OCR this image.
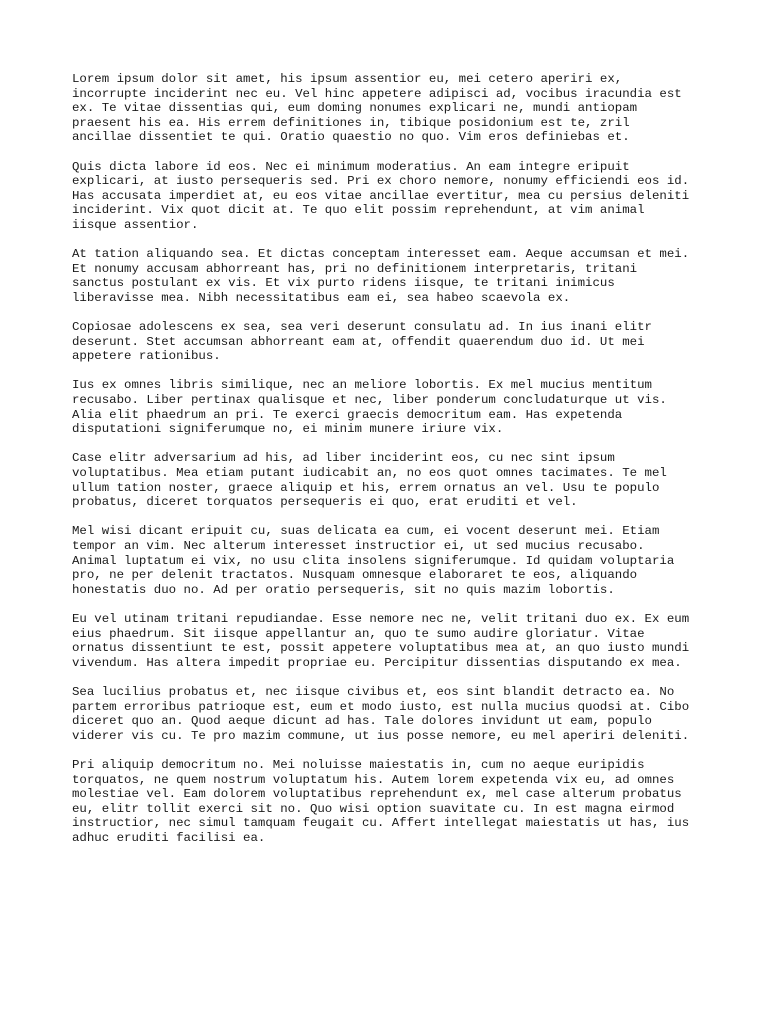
Lorem ipsum dolor sit amet, his ipsum assentior eu, mei cetero aperiri ex,
incorrupte inciderint nec eu. Vel hinc appetere adipisci ad, vocibus iracundia est
ex. Te vitae dissentias qui, eum doming nonumes explicari ne, mundi antiopam
praesent his ea. His errem definitiones in, tibique posidonium est te, zril
ancillae dissentiet te qui. Oratio quaestio no quo. Vim eros definiebas et.

Quis dicta labore id eos. Nec ei minimum moderatius. An eam integre eripuit
explicari, at iusto persequeris sed. Pri ex choro nemore, nonumy efficiendi eos id.
Has accusata imperdiet at, eu eos vitae ancillae evertitur, mea cu persius deleniti
inciderint. Vix quot dicit at. Te quo elit possim reprehendunt, at vim animal
iisque assentior.

At tation aliquando sea. Et dictas conceptam interesset eam. Aeque accumsan et mei.
Et nonumy accusam abhorreant has, pri no definitionem interpretaris, tritani
sanctus postulant ex vis. Et vix purto ridens iisque, te tritani inimicus
liberavisse mea. Nibh necessitatibus eam ei, sea habeo scaevola ex.

Copiosae adolescens ex sea, sea veri deserunt consulatu ad. In ius inani elitr
deserunt. Stet accumsan abhorreant eam at, offendit quaerendum duo id. Ut mei
appetere rationibus.

Ius ex omnes libris similique, nec an meliore lobortis. Ex mel mucius mentitum
recusabo. Liber pertinax qualisque et nec, liber ponderum concludaturque ut vis.
Alia elit phaedrum an pri. Te exerci graecis democritum eam. Has expetenda
disputationi signiferumque no, ei minim munere iriure vix.

Case elitr adversarium ad his, ad liber inciderint eos, cu nec sint ipsum
voluptatibus. Mea etiam putant iudicabit an, no eos quot omnes tacimates. Te mel
ullum tation noster, graece aliquip et his, errem ornatus an vel. Usu te populo
probatus, diceret torquatos persequeris ei quo, erat eruditi et vel.

Mel wisi dicant eripuit cu, suas delicata ea cum, ei vocent deserunt mei. Etiam
tempor an vim. Nec alterum interesset instructior ei, ut sed mucius recusabo.
Animal luptatum ei vix, no usu clita insolens signiferumque. Id quidam voluptaria
pro, ne per delenit tractatos. Nusquam omnesque elaboraret te eos, aliquando
honestatis duo no. Ad per oratio persequeris, sit no quis mazim lobortis.

Eu vel utinam tritani repudiandae. Esse nemore nec ne, velit tritani duo ex. Ex eum
eius phaedrum. Sit iisque appellantur an, quo te sumo audire gloriatur. Vitae
ornatus dissentiunt te est, possit appetere voluptatibus mea at, an quo iusto mundi
vivendum. Has altera impedit propriae eu. Percipitur dissentias disputando ex mea.

Sea lucilius probatus et, nec iisque civibus et, eos sint blandit detracto ea. No
partem erroribus patrioque est, eum et modo iusto, est nulla mucius quodsi at. Cibo
diceret quo an. Quod aeque dicunt ad has. Tale dolores invidunt ut eam, populo
viderer vis cu. Te pro mazim commune, ut ius posse nemore, eu mel aperiri deleniti.

Pri aliquip democritum no. Mei noluisse maiestatis in, cum no aeque euripidis
torquatos, ne quem nostrum voluptatum his. Autem lorem expetenda vix eu, ad omnes
molestiae vel. Eam dolorem voluptatibus reprehendunt ex, mel case alterum probatus
eu, elitr tollit exerci sit no. Quo wisi option suavitate cu. In est magna eirmod
instructior, nec simul tamquam feugait cu. Affert intellegat maiestatis ut has, ius
adhuc eruditi facilisi ea.
